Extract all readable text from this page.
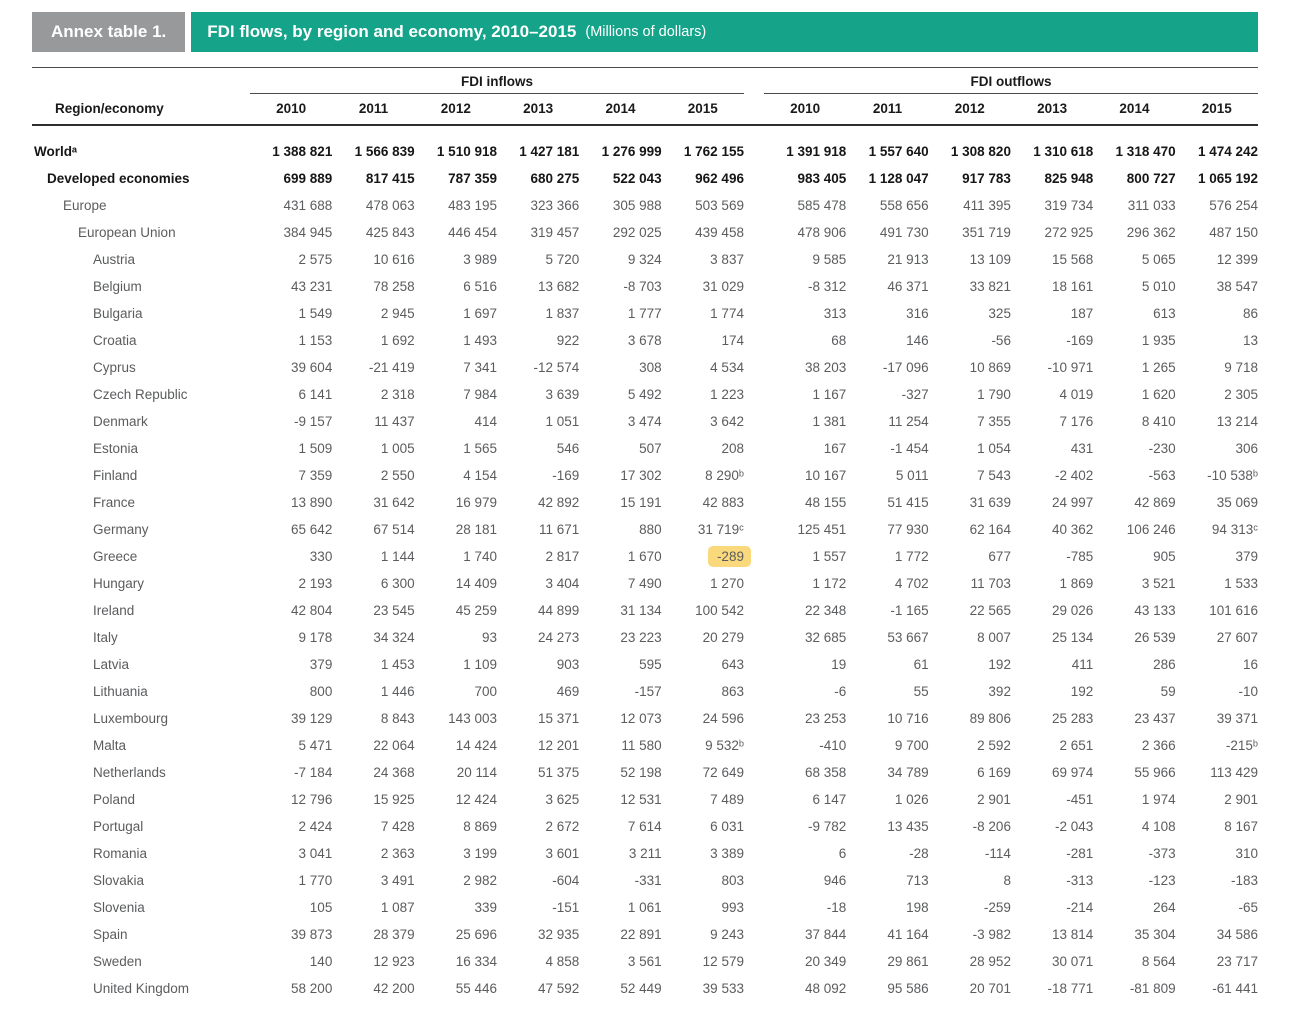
Annex table 1.	FDI flows, by region and economy, 2010–2015 (Millions of dollars)
	FDI inflows							FDI outflows					
Region/economy	2010	2011	2012	2013	2014	2015		2010	2011	2012	2013	2014	2015
Worldᵃ	1 388 821	1 566 839	1 510 918	1 427 181	1 276 999	1 762 155		1 391 918	1 557 640	1 308 820	1 310 618	1 318 470	1 474 242
Developed economies	699 889	817 415	787 359	680 275	522 043	962 496		983 405	1 128 047	917 783	825 948	800 727	1 065 192
Europe	431 688	478 063	483 195	323 366	305 988	503 569		585 478	558 656	411 395	319 734	311 033	576 254
European Union	384 945	425 843	446 454	319 457	292 025	439 458		478 906	491 730	351 719	272 925	296 362	487 150
Austria	2 575	10 616	3 989	5 720	9 324	3 837		9 585	21 913	13 109	15 568	5 065	12 399
Belgium	43 231	78 258	6 516	13 682	-8 703	31 029		-8 312	46 371	33 821	18 161	5 010	38 547
Bulgaria	1 549	2 945	1 697	1 837	1 777	1 774		313	316	325	187	613	86
Croatia	1 153	1 692	1 493	922	3 678	174		68	146	-56	-169	1 935	13
Cyprus	39 604	-21 419	7 341	-12 574	308	4 534		38 203	-17 096	10 869	-10 971	1 265	9 718
Czech Republic	6 141	2 318	7 984	3 639	5 492	1 223		1 167	-327	1 790	4 019	1 620	2 305
Denmark	-9 157	11 437	414	1 051	3 474	3 642		1 381	11 254	7 355	7 176	8 410	13 214
Estonia	1 509	1 005	1 565	546	507	208		167	-1 454	1 054	431	-230	306
Finland	7 359	2 550	4 154	-169	17 302	8 290ᵇ		10 167	5 011	7 543	-2 402	-563	-10 538ᵇ
France	13 890	31 642	16 979	42 892	15 191	42 883		48 155	51 415	31 639	24 997	42 869	35 069
Germany	65 642	67 514	28 181	11 671	880	31 719ᶜ		125 451	77 930	62 164	40 362	106 246	94 313ᶜ
Greece	330	1 144	1 740	2 817	1 670	-289		1 557	1 772	677	-785	905	379
Hungary	2 193	6 300	14 409	3 404	7 490	1 270		1 172	4 702	11 703	1 869	3 521	1 533
Ireland	42 804	23 545	45 259	44 899	31 134	100 542		22 348	-1 165	22 565	29 026	43 133	101 616
Italy	9 178	34 324	93	24 273	23 223	20 279		32 685	53 667	8 007	25 134	26 539	27 607
Latvia	379	1 453	1 109	903	595	643		19	61	192	411	286	16
Lithuania	800	1 446	700	469	-157	863		-6	55	392	192	59	-10
Luxembourg	39 129	8 843	143 003	15 371	12 073	24 596		23 253	10 716	89 806	25 283	23 437	39 371
Malta	5 471	22 064	14 424	12 201	11 580	9 532ᵇ		-410	9 700	2 592	2 651	2 366	-215ᵇ
Netherlands	-7 184	24 368	20 114	51 375	52 198	72 649		68 358	34 789	6 169	69 974	55 966	113 429
Poland	12 796	15 925	12 424	3 625	12 531	7 489		6 147	1 026	2 901	-451	1 974	2 901
Portugal	2 424	7 428	8 869	2 672	7 614	6 031		-9 782	13 435	-8 206	-2 043	4 108	8 167
Romania	3 041	2 363	3 199	3 601	3 211	3 389		6	-28	-114	-281	-373	310
Slovakia	1 770	3 491	2 982	-604	-331	803		946	713	8	-313	-123	-183
Slovenia	105	1 087	339	-151	1 061	993		-18	198	-259	-214	264	-65
Spain	39 873	28 379	25 696	32 935	22 891	9 243		37 844	41 164	-3 982	13 814	35 304	34 586
Sweden	140	12 923	16 334	4 858	3 561	12 579		20 349	29 861	28 952	30 071	8 564	23 717
United Kingdom	58 200	42 200	55 446	47 592	52 449	39 533		48 092	95 586	20 701	-18 771	-81 809	-61 441
